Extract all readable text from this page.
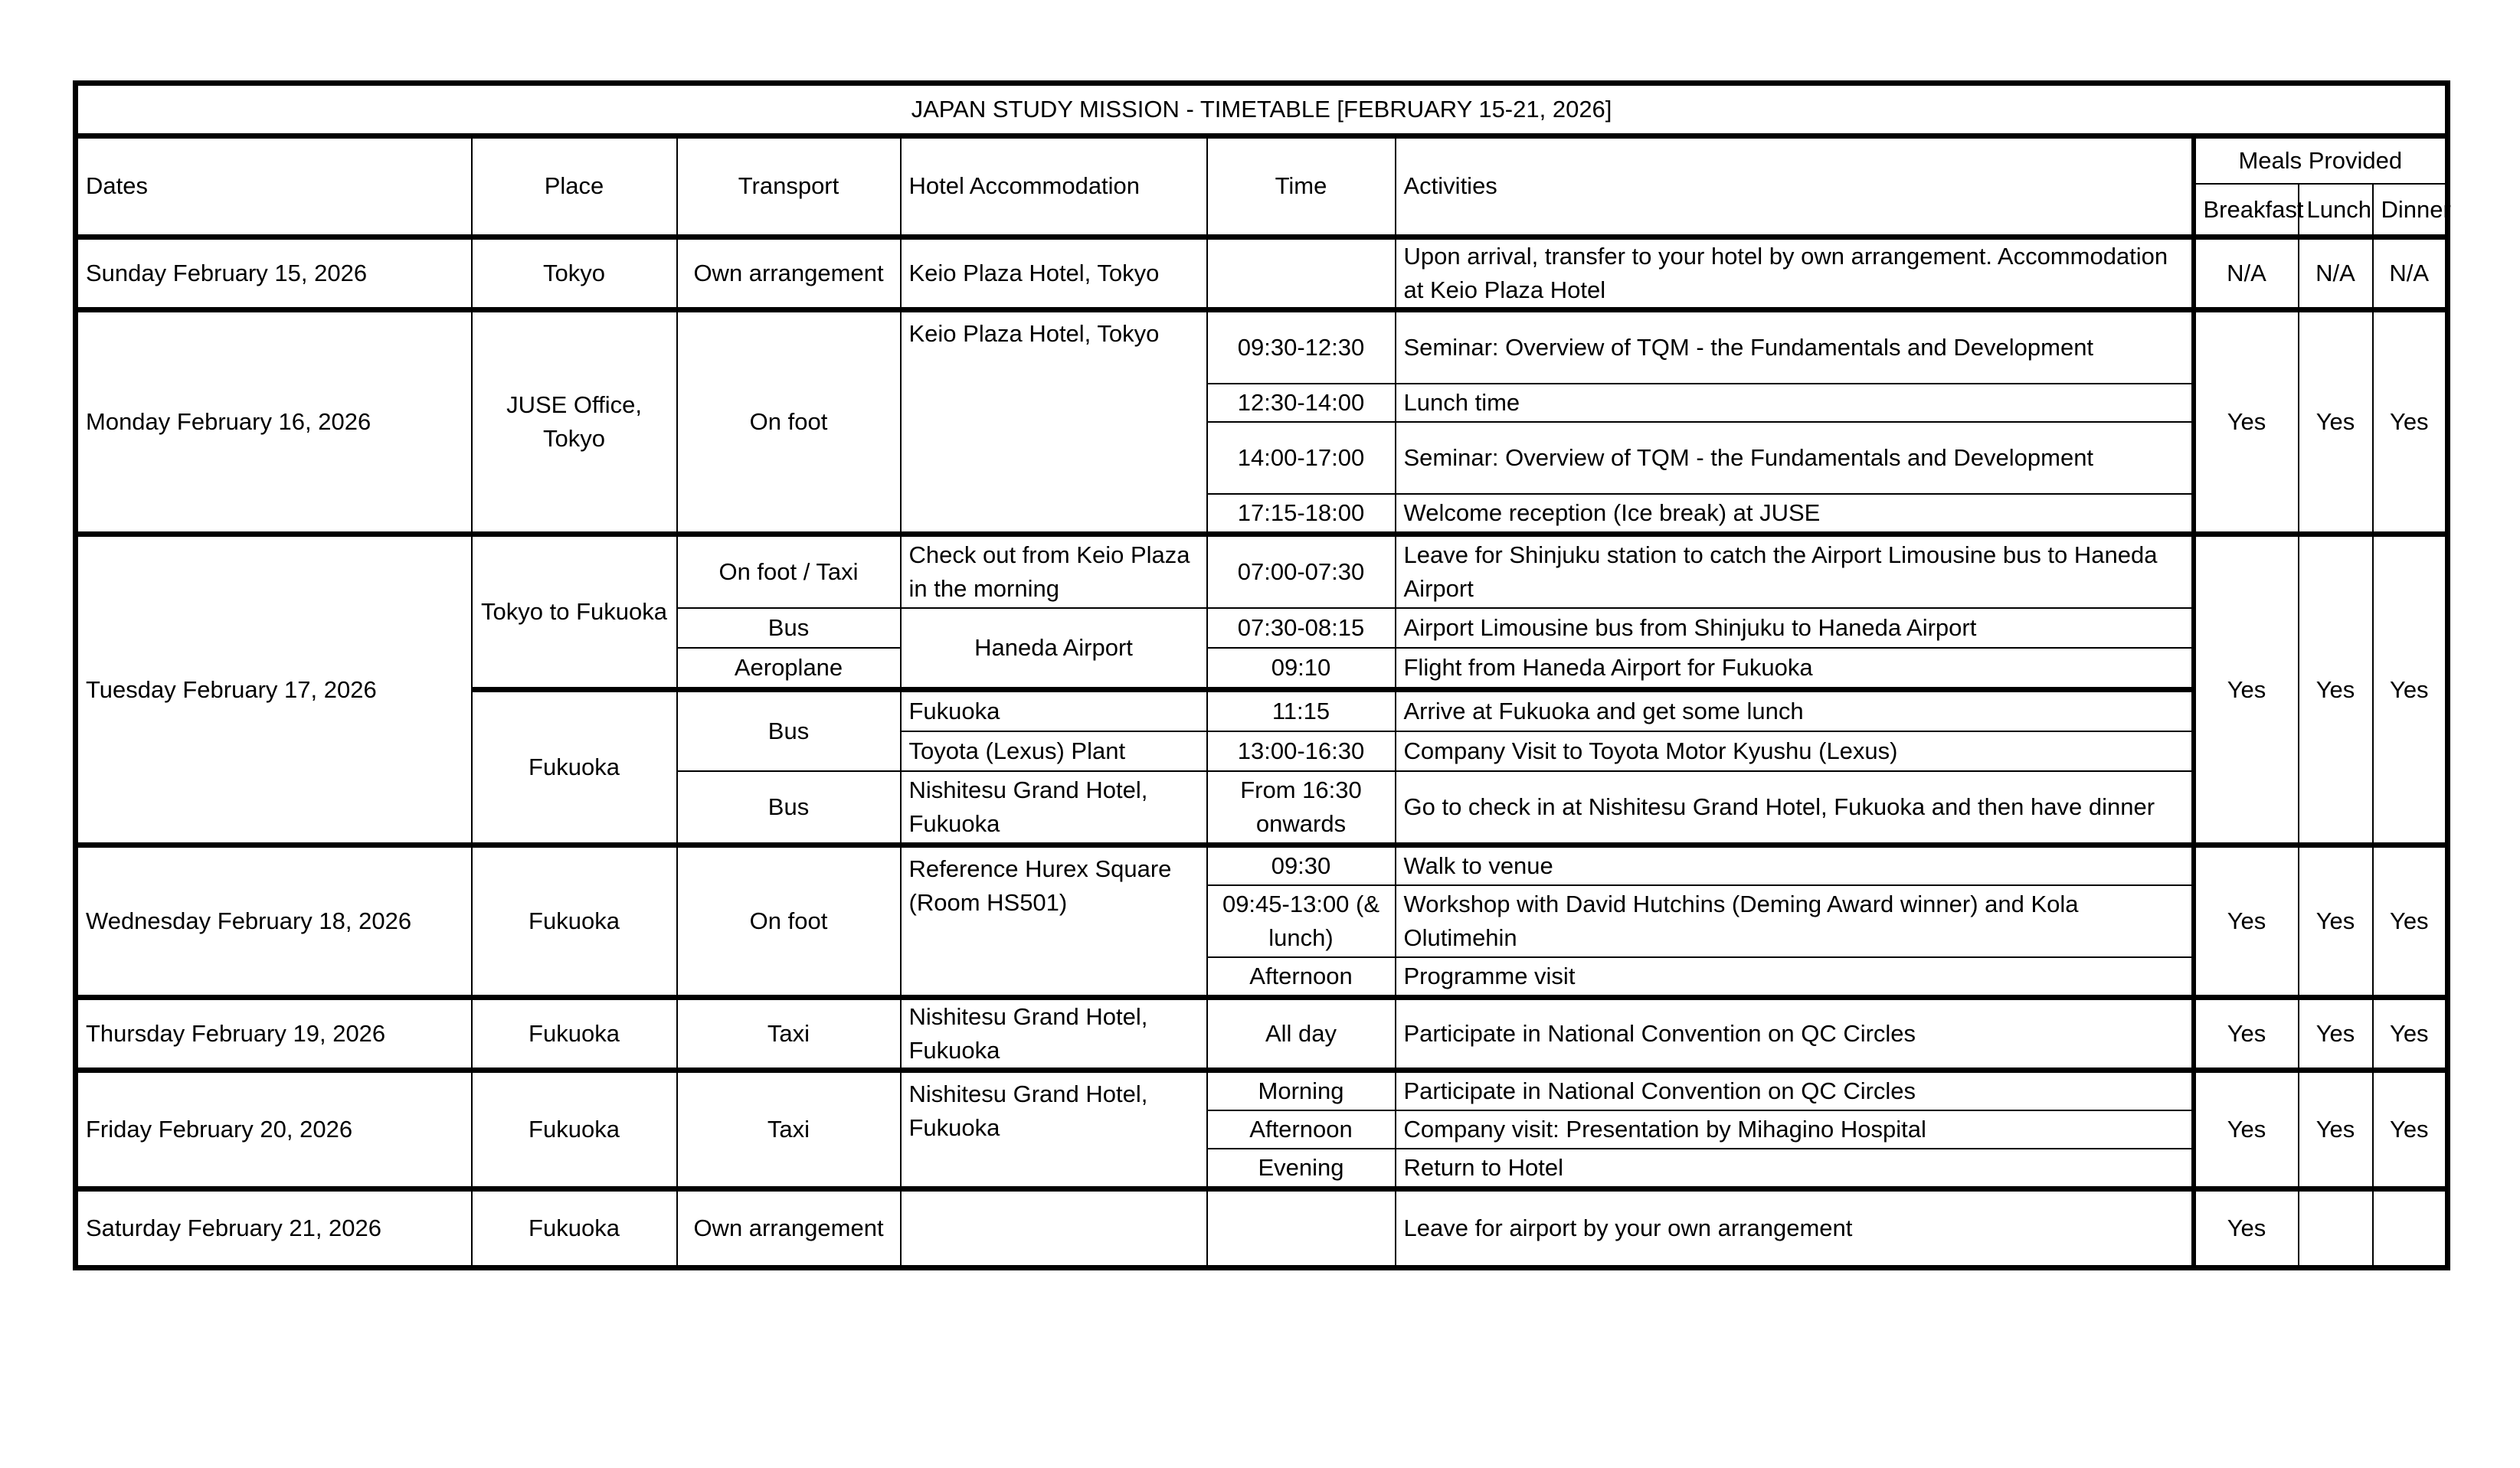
JAPAN STUDY MISSION - TIMETABLE [FEBRUARY 15-21, 2026]								
Dates	Place	Transport	Hotel Accommodation	Time	Activities	Meals Provided		
						Breakfast	Lunch	Dinner
Sunday February 15, 2026	Tokyo	Own arrangement	Keio Plaza Hotel, Tokyo		Upon arrival, transfer to your hotel by own arrangement. Accommodation at Keio Plaza Hotel	N/A	N/A	N/A
Monday February 16, 2026	JUSE Office, Tokyo	On foot	Keio Plaza Hotel, Tokyo	09:30-12:30	Seminar: Overview of TQM - the Fundamentals and Development	Yes	Yes	Yes
				12:30-14:00	Lunch time			
				14:00-17:00	Seminar: Overview of TQM - the Fundamentals and Development			
				17:15-18:00	Welcome reception (Ice break) at JUSE			
Tuesday February 17, 2026	Tokyo to Fukuoka	On foot / Taxi	Check out from Keio Plaza in the morning	07:00-07:30	Leave for Shinjuku station to catch the Airport Limousine bus to Haneda Airport	Yes	Yes	Yes
		Bus	Haneda Airport	07:30-08:15	Airport Limousine bus from Shinjuku to Haneda Airport			
		Aeroplane		09:10	Flight from Haneda Airport for Fukuoka			
	Fukuoka	Bus	Fukuoka	11:15	Arrive at Fukuoka and get some lunch			
			Toyota (Lexus) Plant	13:00-16:30	Company Visit to Toyota Motor Kyushu (Lexus)			
		Bus	Nishitesu Grand Hotel, Fukuoka	From 16:30 onwards	Go to check in at Nishitesu Grand Hotel, Fukuoka and then have dinner			
Wednesday February 18, 2026	Fukuoka	On foot	Reference Hurex Square (Room HS501)	09:30	Walk to venue	Yes	Yes	Yes
				09:45-13:00 (& lunch)	Workshop with David Hutchins (Deming Award winner) and Kola Olutimehin			
				Afternoon	Programme visit			
Thursday February 19, 2026	Fukuoka	Taxi	Nishitesu Grand Hotel, Fukuoka	All day	Participate in National Convention on QC Circles	Yes	Yes	Yes
Friday February 20, 2026	Fukuoka	Taxi	Nishitesu Grand Hotel, Fukuoka	Morning	Participate in National Convention on QC Circles	Yes	Yes	Yes
				Afternoon	Company visit: Presentation by Mihagino Hospital			
				Evening	Return to Hotel			
Saturday February 21, 2026	Fukuoka	Own arrangement			Leave for airport by your own arrangement	Yes		
